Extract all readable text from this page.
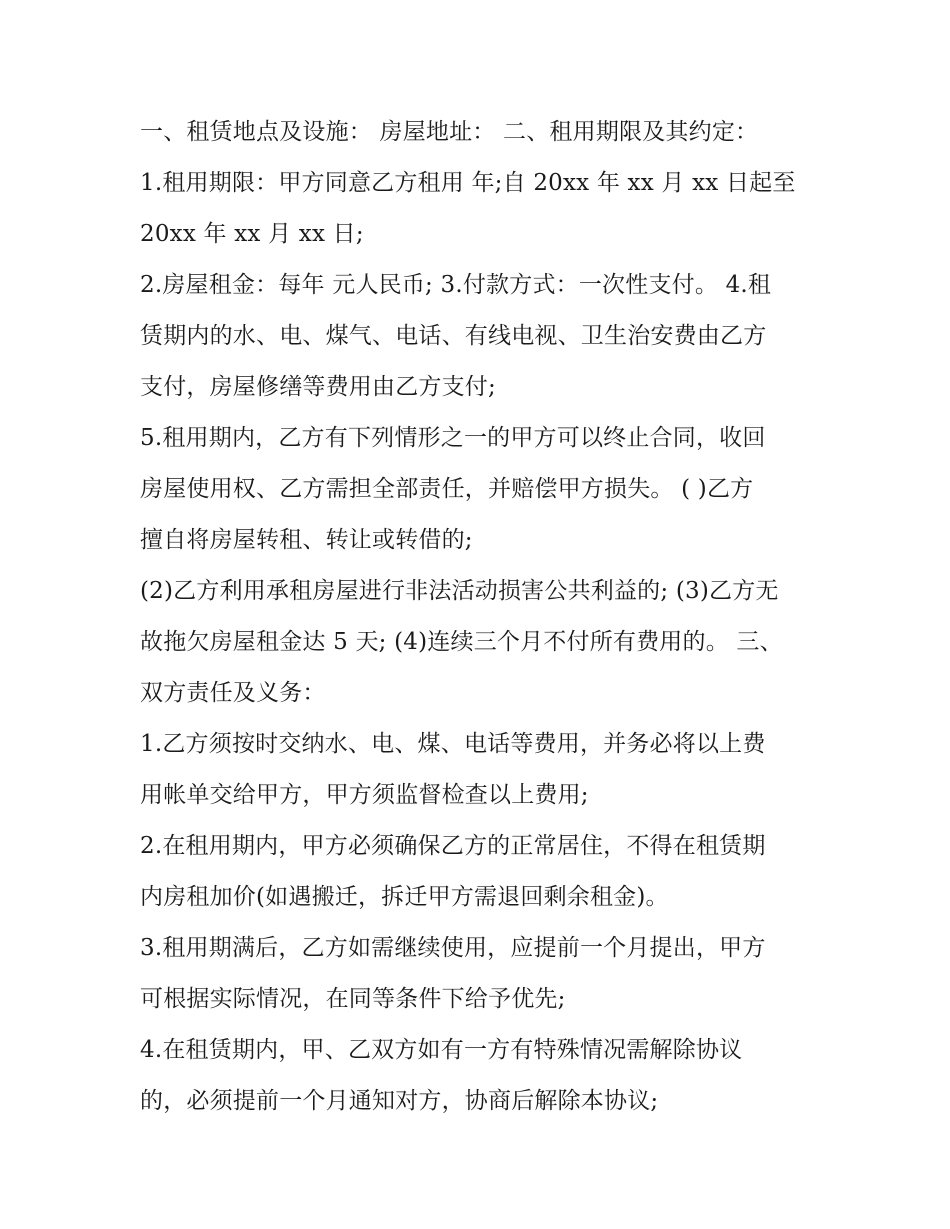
一、租赁地点及设施： 房屋地址： 二、租用期限及其约定：
1.租用期限：甲方同意乙方租用 年;自 20xx 年 xx 月 xx 日起至
20xx 年 xx 月 xx 日;
2.房屋租金：每年 元人民币; 3.付款方式：一次性支付。 4.租
赁期内的水、电、煤气、电话、有线电视、卫生治安费由乙方
支付，房屋修缮等费用由乙方支付;
5.租用期内，乙方有下列情形之一的甲方可以终止合同，收回
房屋使用权、乙方需担全部责任，并赔偿甲方损失。 ( )乙方
擅自将房屋转租、转让或转借的;
(2)乙方利用承租房屋进行非法活动损害公共利益的; (3)乙方无
故拖欠房屋租金达 5 天; (4)连续三个月不付所有费用的。 三、
双方责任及义务：
1.乙方须按时交纳水、电、煤、电话等费用，并务必将以上费
用帐单交给甲方，甲方须监督检查以上费用;
2.在租用期内，甲方必须确保乙方的正常居住，不得在租赁期
内房租加价(如遇搬迁，拆迁甲方需退回剩余租金)。
3.租用期满后，乙方如需继续使用，应提前一个月提出，甲方
可根据实际情况，在同等条件下给予优先;
4.在租赁期内，甲、乙双方如有一方有特殊情况需解除协议
的，必须提前一个月通知对方，协商后解除本协议;
